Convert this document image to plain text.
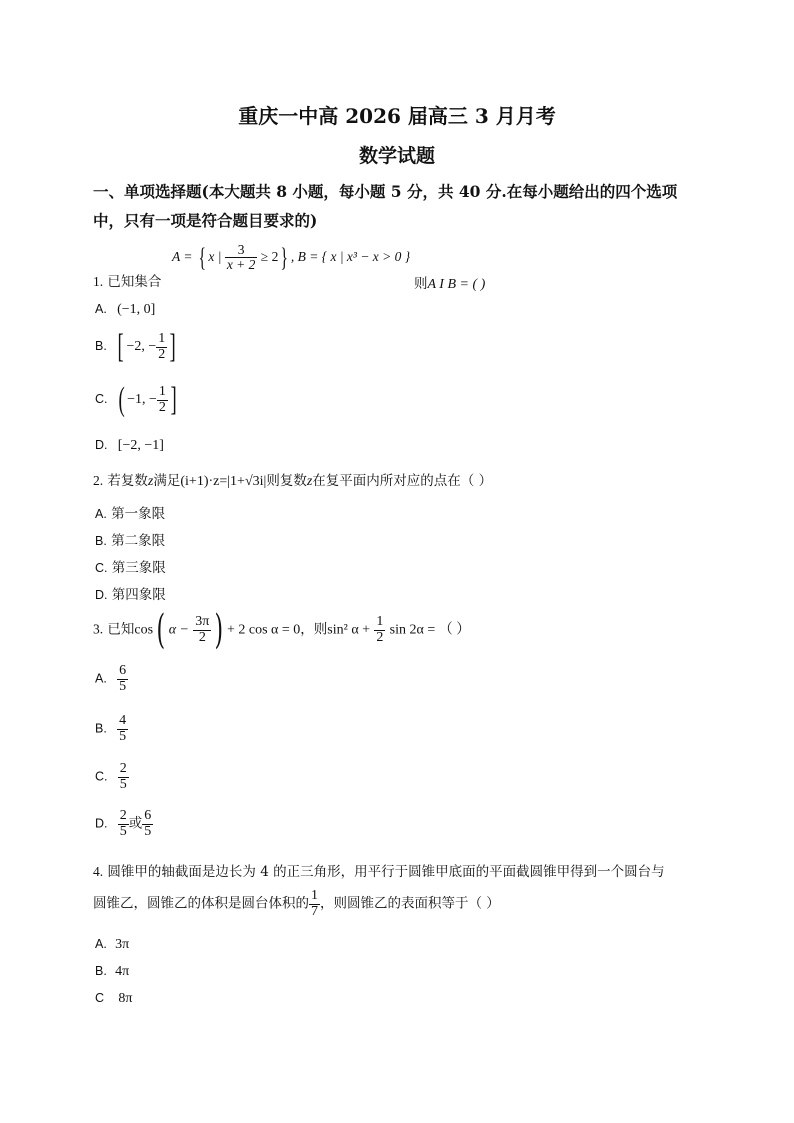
重庆一中高 2026 届高三 3 月月考
数学试题
一、单项选择题(本大题共 8 小题，每小题 5 分，共 40 分.在每小题给出的四个选项
中，只有一项是符合题目要求的)
1. 已知集合
A = { x | $\frac{3}{x + 2} \ge 2$} , B = { x | x³ − x > 0 }
则A I B = ( )
A. (−1, 0]
B. [ −2, − $\frac{1}{2}$ ]
C. ( −1, − $\frac{1}{2}$ ]
D. [−2, −1]
2. 若复数z满足(i+1)·z=|1+√3i|则复数z在复平面内所对应的点在（ ）
A. 第一象限
B. 第二象限
C. 第三象限
D. 第四象限
3. 已知cos( $\alpha - \frac{3\pi}{2}$ ) + 2 cos α = 0，则sin² $\alpha + \frac{1}{2}$ sin 2α = （ ）
A. $\frac{6}{5}$
B. $\frac{4}{5}$
C. $\frac{2}{5}$
D. $\frac{2}{5}$ 或 $\frac{6}{5}$
4. 圆锥甲的轴截面是边长为 4 的正三角形，用平行于圆锥甲底面的平面截圆锥甲得到一个圆台与
圆锥乙，圆锥乙的体积是圆台体积的 $\frac{1}{7}$ ，则圆锥乙的表面积等于（ ）
A. 3π
B. 4π
C 8π
